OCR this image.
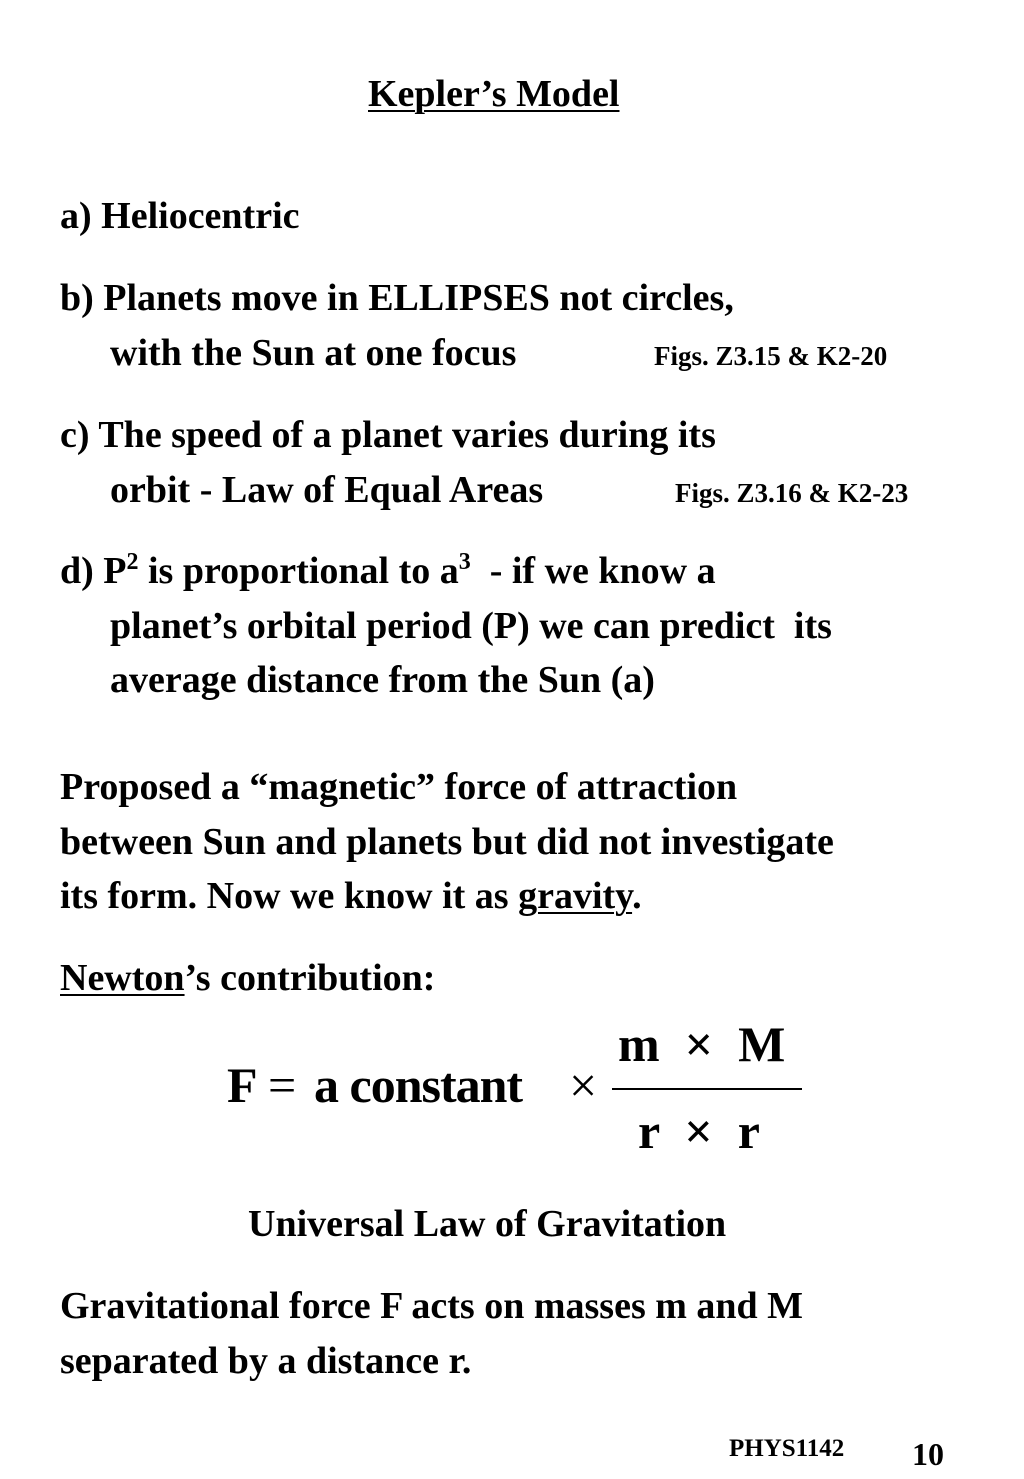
Kepler’s Model
a) Heliocentric
b) Planets move in ELLIPSES not circles,
with the Sun at one focus	Figs. Z3.15 & K2-20
c) The speed of a planet varies during its
orbit - Law of Equal Areas	Figs. Z3.16 & K2-23
d) $P^2$ is proportional to $a^3$  - if we know a
planet’s orbital period (P) we can predict  its
average distance from the Sun (a)
Proposed a “magnetic” force of attraction
between Sun and planets but did not investigate
its form. Now we know it as gravity.
Newton’s contribution:
F = a constant ×
m  ×  M
r  ×  r
Universal Law of Gravitation
Gravitational force F acts on masses m and M
separated by a distance r.
PHYS1142 10
